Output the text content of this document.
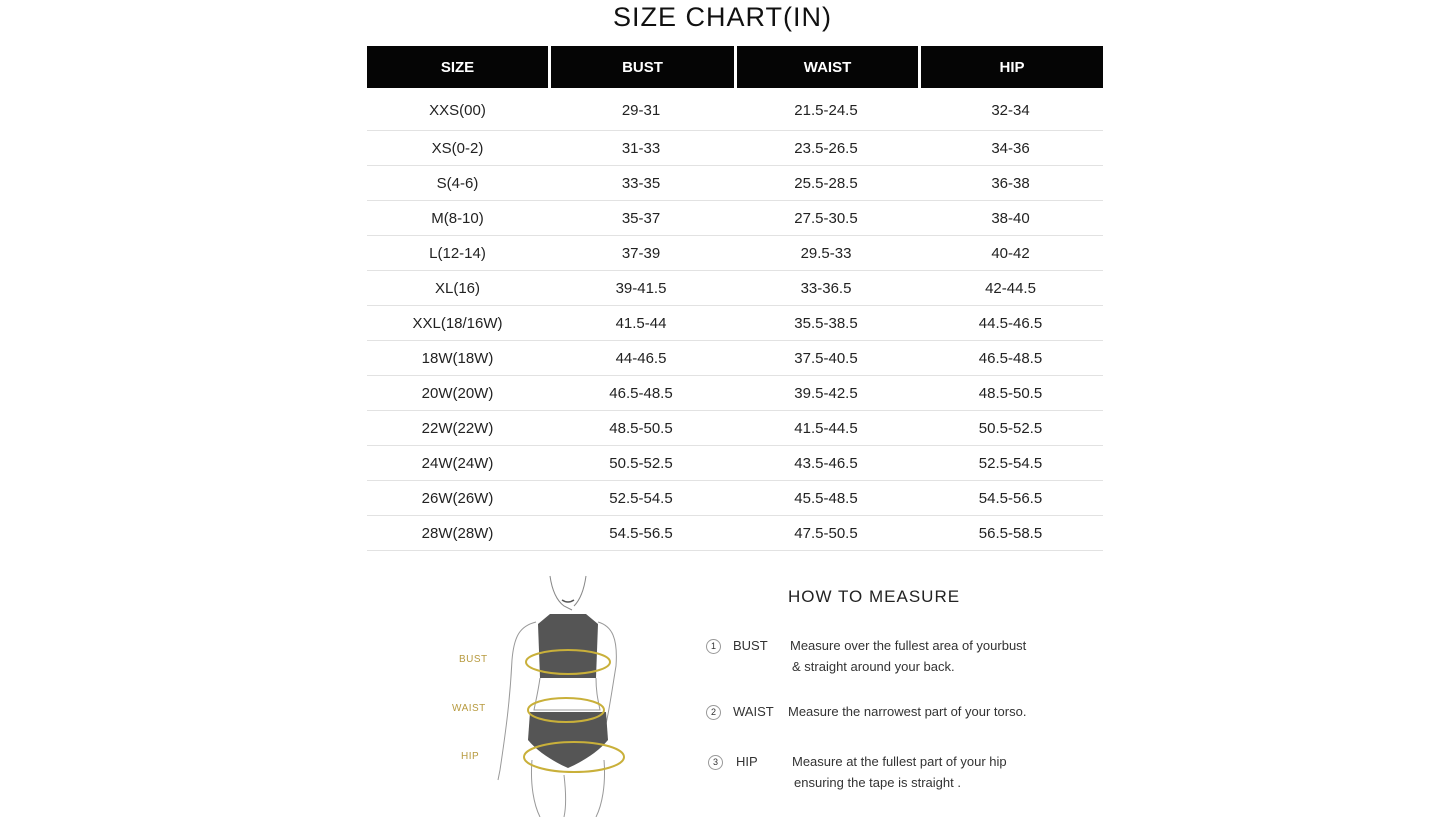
SIZE CHART(IN)
SIZE	BUST	WAIST	HIP
XXS(00)	29-31	21.5-24.5	32-34
XS(0-2)	31-33	23.5-26.5	34-36
S(4-6)	33-35	25.5-28.5	36-38
M(8-10)	35-37	27.5-30.5	38-40
L(12-14)	37-39	29.5-33	40-42
XL(16)	39-41.5	33-36.5	42-44.5
XXL(18/16W)	41.5-44	35.5-38.5	44.5-46.5
18W(18W)	44-46.5	37.5-40.5	46.5-48.5
20W(20W)	46.5-48.5	39.5-42.5	48.5-50.5
22W(22W)	48.5-50.5	41.5-44.5	50.5-52.5
24W(24W)	50.5-52.5	43.5-46.5	52.5-54.5
26W(26W)	52.5-54.5	45.5-48.5	54.5-56.5
28W(28W)	54.5-56.5	47.5-50.5	56.5-58.5
BUST
WAIST
HIP
HOW TO MEASURE
1	BUST Measure over the fullest area of yourbust
& straight around your back.
2	WAIST Measure the narrowest part of your torso.
3	HIP	Measure at the fullest part of your hip
ensuring the tape is straight .
